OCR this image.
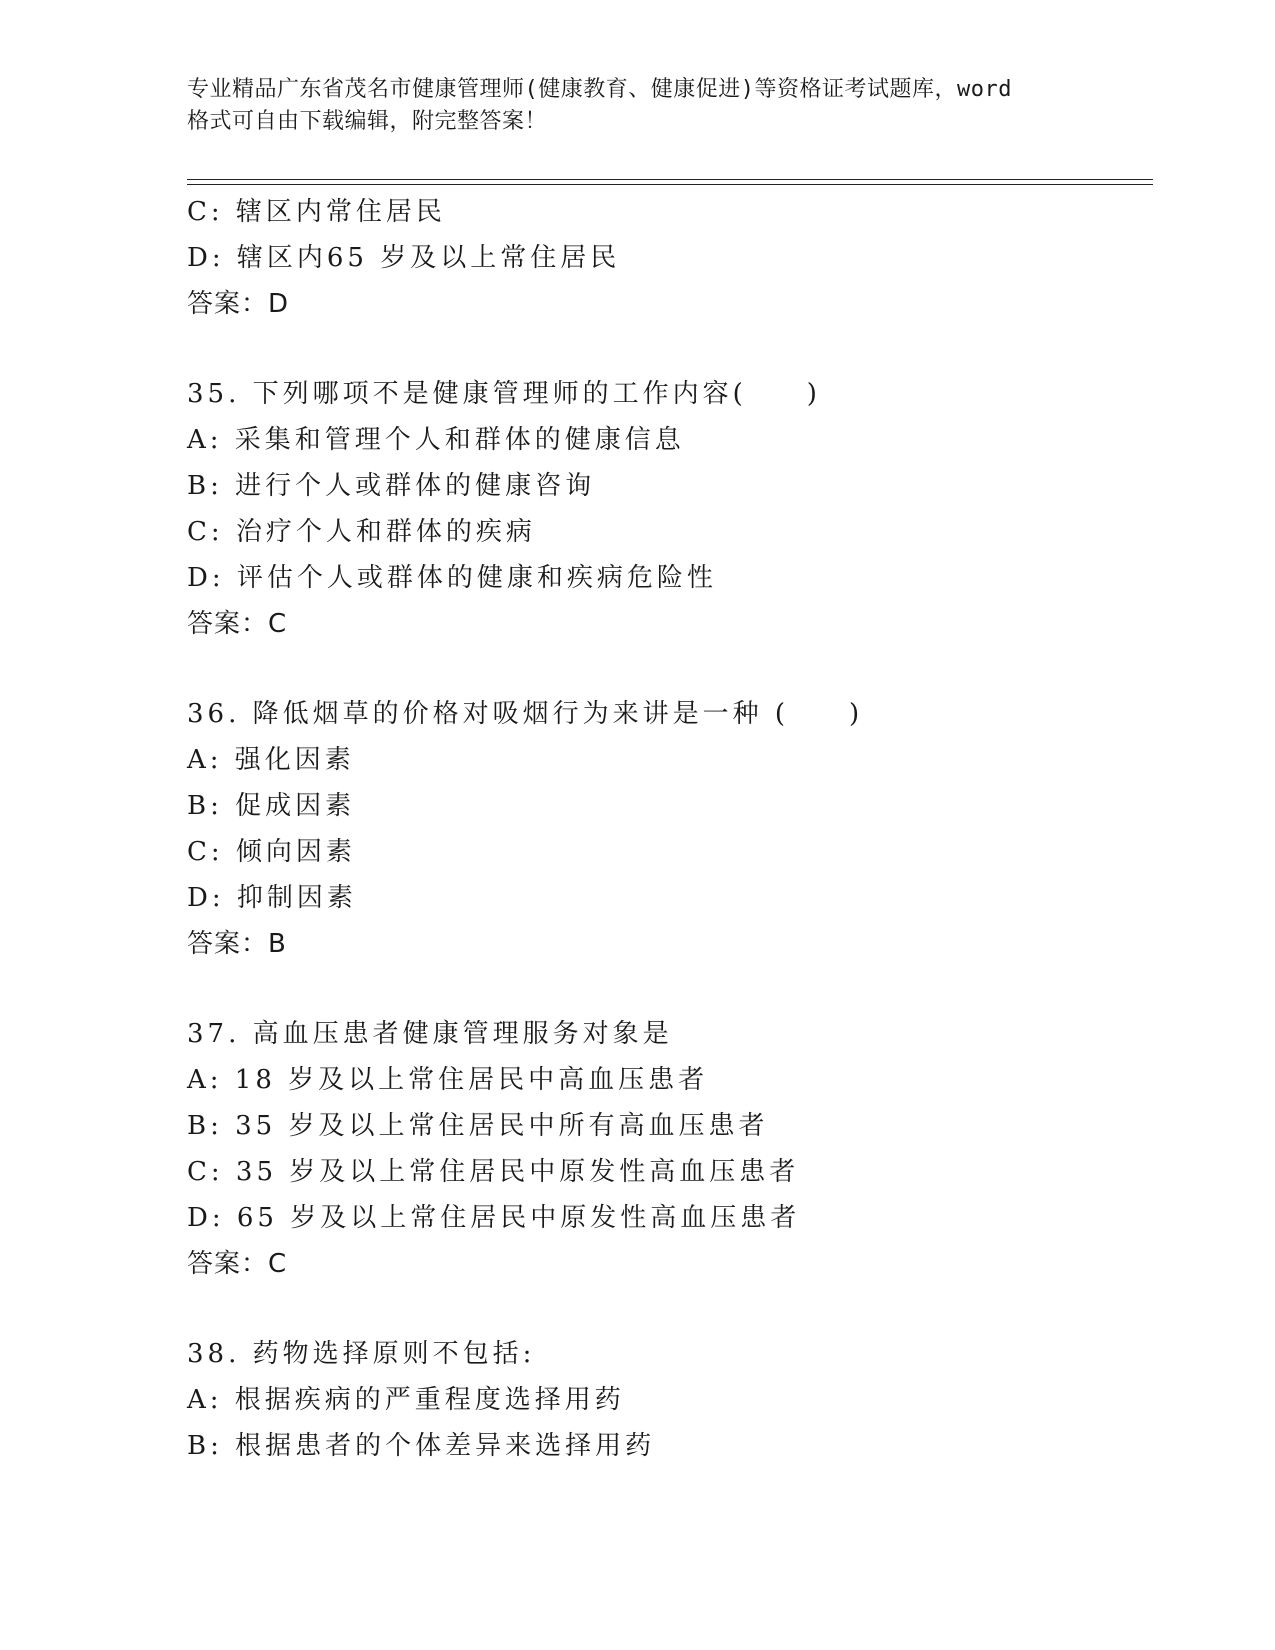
专业精品广东省茂名市健康管理师(健康教育、健康促进)等资格证考试题库，word
格式可自由下载编辑，附完整答案！
C: 辖区内常住居民
D: 辖区内65 岁及以上常住居民
答案：D
35. 下列哪项不是健康管理师的工作内容(　　)
A: 采集和管理个人和群体的健康信息
B: 进行个人或群体的健康咨询
C: 治疗个人和群体的疾病
D: 评估个人或群体的健康和疾病危险性
答案：C
36. 降低烟草的价格对吸烟行为来讲是一种 (　　)
A: 强化因素
B: 促成因素
C: 倾向因素
D: 抑制因素
答案：B
37. 高血压患者健康管理服务对象是
A: 18 岁及以上常住居民中高血压患者
B: 35 岁及以上常住居民中所有高血压患者
C: 35 岁及以上常住居民中原发性高血压患者
D: 65 岁及以上常住居民中原发性高血压患者
答案：C
38. 药物选择原则不包括:
A: 根据疾病的严重程度选择用药
B: 根据患者的个体差异来选择用药
